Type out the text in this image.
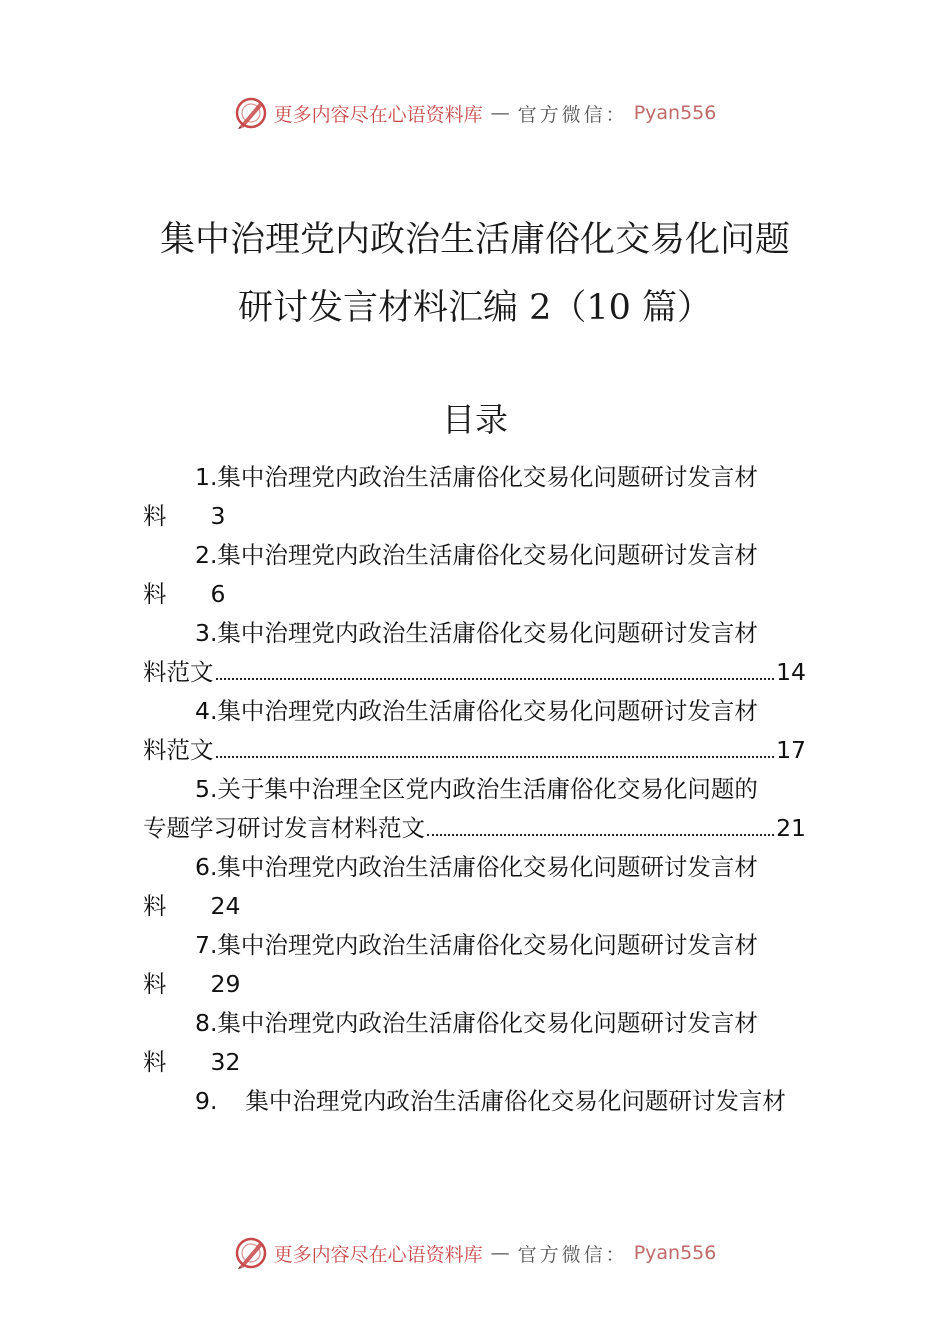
更多内容尽在心语资料库 — 官方微信： Pyan556
集中治理党内政治生活庸俗化交易化问题
研讨发言材料汇编 2（10 篇）
目录
1.集中治理党内政治生活庸俗化交易化问题研讨发言材
料 3
2.集中治理党内政治生活庸俗化交易化问题研讨发言材
料 6
3.集中治理党内政治生活庸俗化交易化问题研讨发言材
料范文	14
4.集中治理党内政治生活庸俗化交易化问题研讨发言材
料范文	17
5.关于集中治理全区党内政治生活庸俗化交易化问题的
专题学习研讨发言材料范文	21
6.集中治理党内政治生活庸俗化交易化问题研讨发言材
料 24
7.集中治理党内政治生活庸俗化交易化问题研讨发言材
料 29
8.集中治理党内政治生活庸俗化交易化问题研讨发言材
料 32
9. 集中治理党内政治生活庸俗化交易化问题研讨发言材
更多内容尽在心语资料库 — 官方微信： Pyan556
